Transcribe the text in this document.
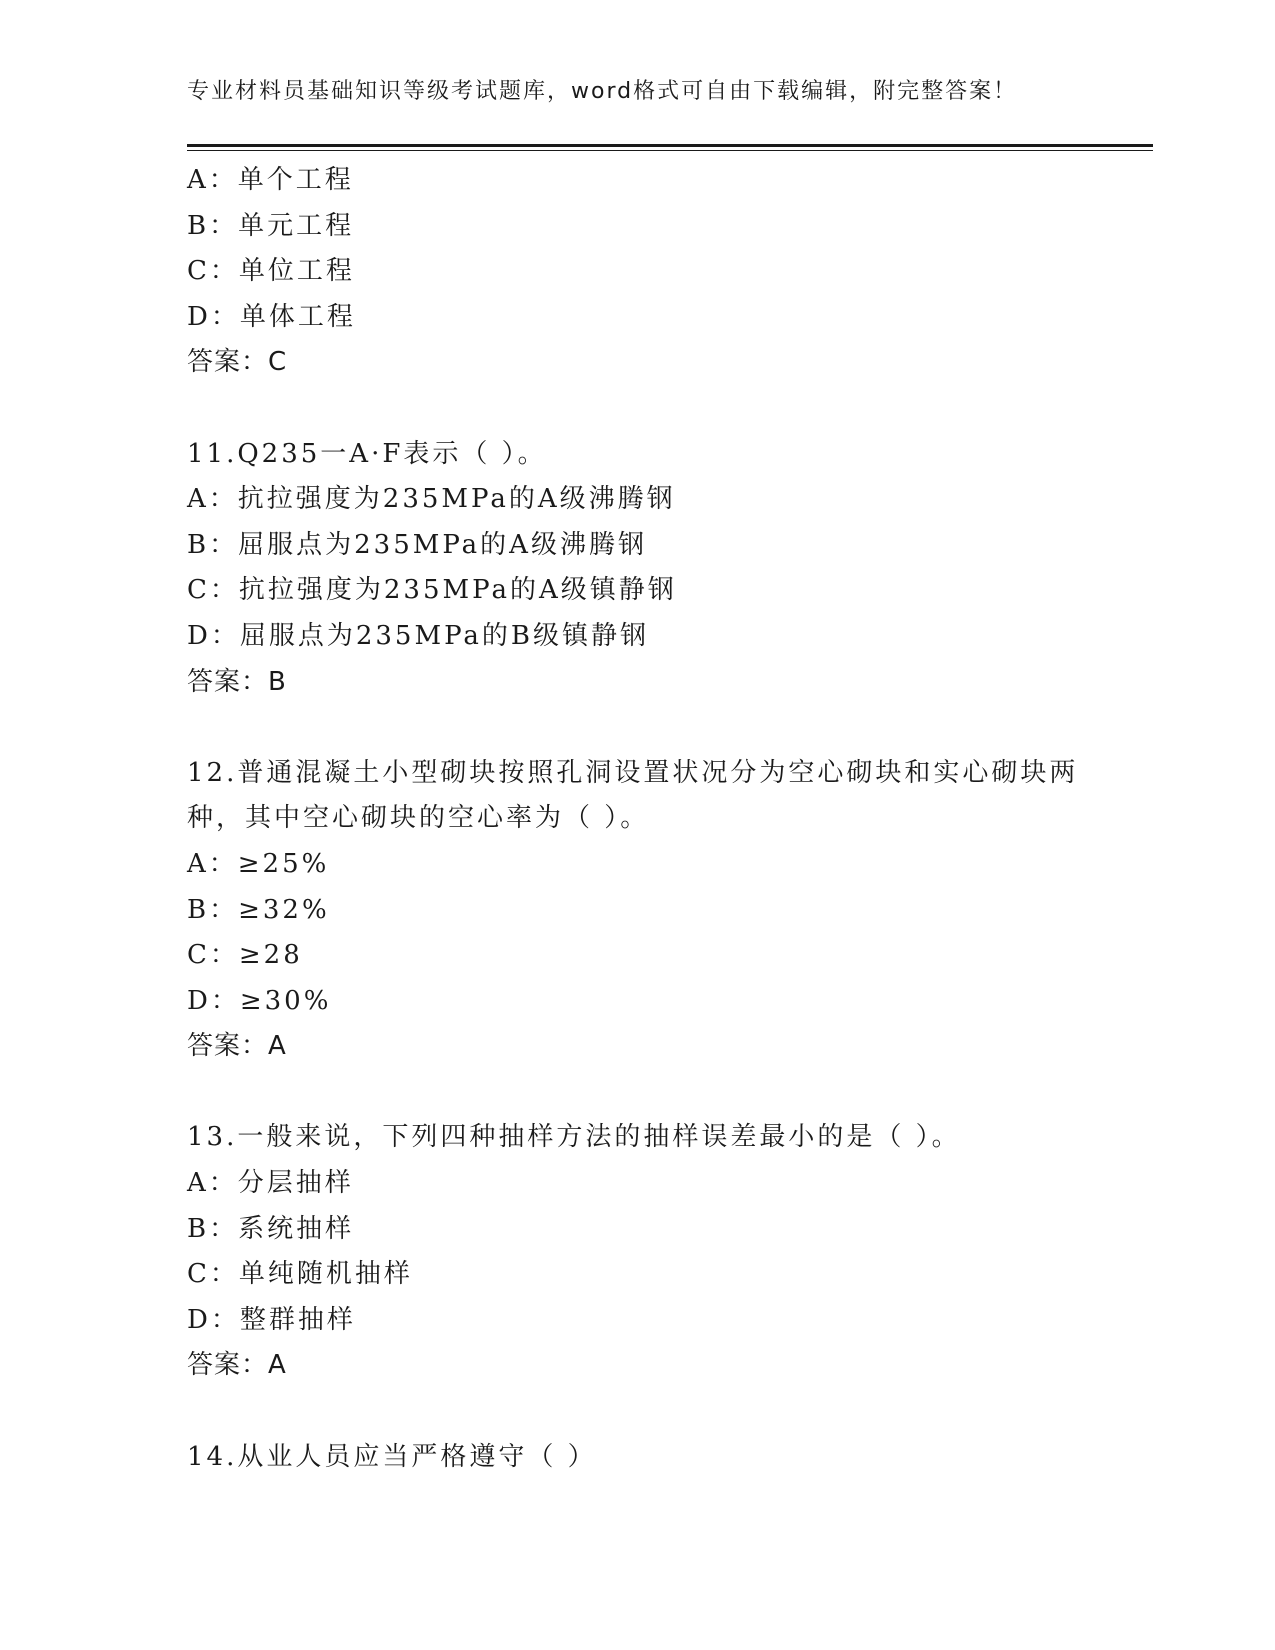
专业材料员基础知识等级考试题库，word格式可自由下载编辑，附完整答案！
A：单个工程
B：单元工程
C：单位工程
D：单体工程
答案：C
11.Q235一A·F表示（ ）。
A：抗拉强度为235MPa的A级沸腾钢
B：屈服点为235MPa的A级沸腾钢
C：抗拉强度为235MPa的A级镇静钢
D：屈服点为235MPa的B级镇静钢
答案：B
12.普通混凝土小型砌块按照孔洞设置状况分为空心砌块和实心砌块两种，其中空心砌块的空心率为（ ）。
A：≥25%
B：≥32%
C：≥28
D：≥30%
答案：A
13.一般来说，下列四种抽样方法的抽样误差最小的是（ ）。
A：分层抽样
B：系统抽样
C：单纯随机抽样
D：整群抽样
答案：A
14.从业人员应当严格遵守（ ）
